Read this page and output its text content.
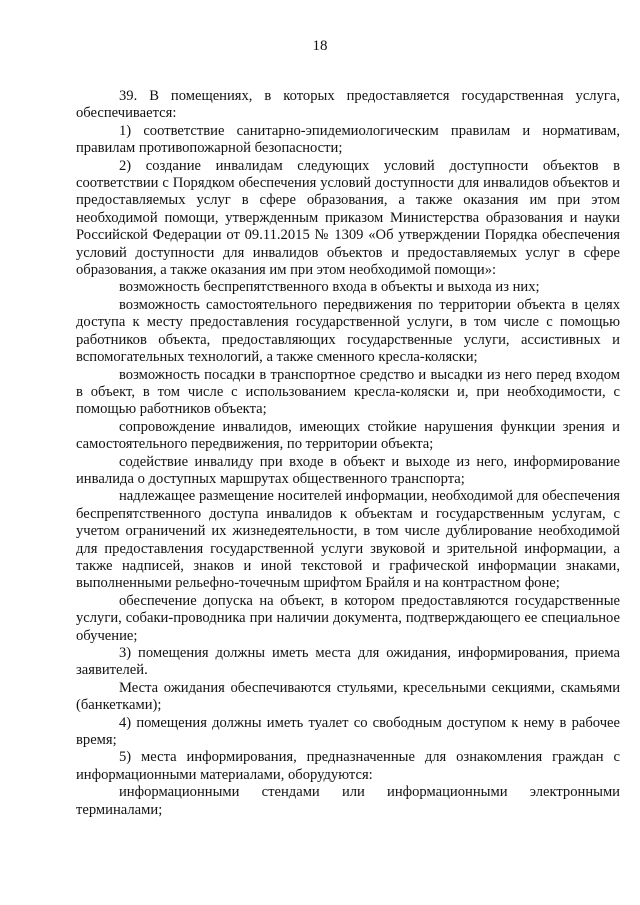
18

39. В помещениях, в которых предоставляется государственная услуга, обеспечивается:

1) соответствие санитарно-эпидемиологическим правилам и нормативам, правилам противопожарной безопасности;

2) создание инвалидам следующих условий доступности объектов в соответствии с Порядком обеспечения условий доступности для инвалидов объектов и предоставляемых услуг в сфере образования, а также оказания им при этом необходимой помощи, утвержденным приказом Министерства образования и науки Российской Федерации от 09.11.2015 № 1309 «Об утверждении Порядка обеспечения условий доступности для инвалидов объектов и предоставляемых услуг в сфере образования, а также оказания им при этом необходимой помощи»:

возможность беспрепятственного входа в объекты и выхода из них;

возможность самостоятельного передвижения по территории объекта в целях доступа к месту предоставления государственной услуги, в том числе с помощью работников объекта, предоставляющих государственные услуги, ассистивных и вспомогательных технологий, а также сменного кресла-коляски;

возможность посадки в транспортное средство и высадки из него перед входом в объект, в том числе с использованием кресла-коляски и, при необходимости, с помощью работников объекта;

сопровождение инвалидов, имеющих стойкие нарушения функции зрения и самостоятельного передвижения, по территории объекта;

содействие инвалиду при входе в объект и выходе из него, информирование инвалида о доступных маршрутах общественного транспорта;

надлежащее размещение носителей информации, необходимой для обеспечения беспрепятственного доступа инвалидов к объектам и государственным услугам, с учетом ограничений их жизнедеятельности, в том числе дублирование необходимой для предоставления государственной услуги звуковой и зрительной информации, а также надписей, знаков и иной текстовой и графической информации знаками, выполненными рельефно-точечным шрифтом Брайля и на контрастном фоне;

обеспечение допуска на объект, в котором предоставляются государственные услуги, собаки-проводника при наличии документа, подтверждающего ее специальное обучение;

3) помещения должны иметь места для ожидания, информирования, приема заявителей.

Места ожидания обеспечиваются стульями, кресельными секциями, скамьями (банкетками);

4) помещения должны иметь туалет со свободным доступом к нему в рабочее время;

5) места информирования, предназначенные для ознакомления граждан с информационными материалами, оборудуются:

информационными стендами или информационными электронными терминалами;
